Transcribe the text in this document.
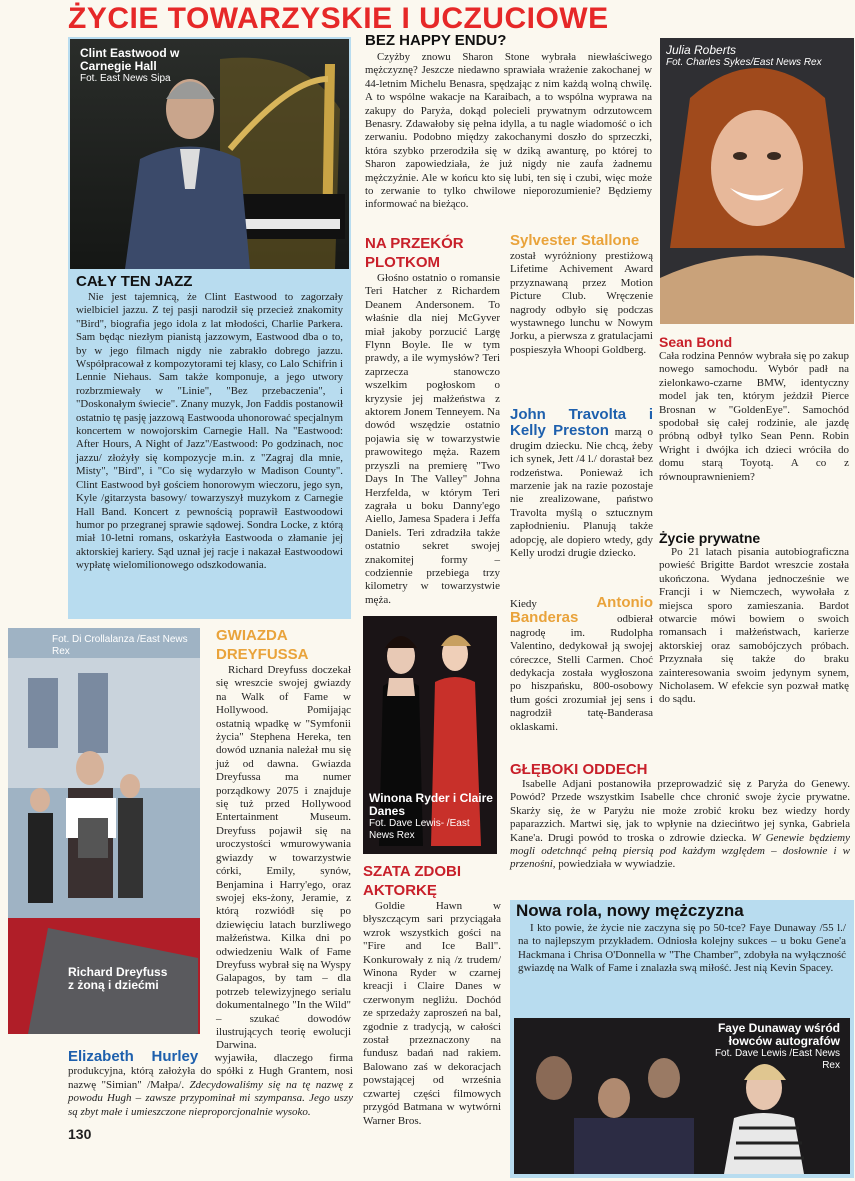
ŻYCIE TOWARZYSKIE I UCZUCIOWE
Clint Eastwood w Carnegie Hall
Fot. East News Sipa
CAŁY TEN JAZZ

Nie jest tajemnicą, że Clint Eastwood to zagorzały wielbiciel jazzu. Z tej pasji narodził się przecież znakomity "Bird", biografia jego idola z lat młodości, Charlie Parkera. Sam będąc niezłym pianistą jazzowym, Eastwood dba o to, by w jego filmach nigdy nie zabrakło dobrego jazzu. Współpracował z kompozytorami tej klasy, co Lalo Schifrin i Lennie Niehaus. Sam także komponuje, a jego utwory rozbrzmiewały w "Linie", "Bez przebaczenia", i "Doskonałym świecie". Znany muzyk, Jon Faddis postanowił ostatnio tę pasję jazzową Eastwooda uhonorować specjalnym koncertem w nowojorskim Carnegie Hall. Na "Eastwood: After Hours, A Night of Jazz"/Eastwood: Po godzinach, noc jazzu/ złożyły się kompozycje m.in. z "Zagraj dla mnie, Misty", "Bird", i "Co się wydarzyło w Madison County". Clint Eastwood był gościem honorowym wieczoru, jego syn, Kyle /gitarzysta basowy/ towarzyszył muzykom z Carnegie Hall Band. Koncert z pewnością poprawił Eastwoodowi humor po przegranej sprawie sądowej. Sondra Locke, z którą miał 10-letni romans, oskarżyła Eastwooda o złamanie jej aktorskiej kariery. Sąd uznał jej racje i nakazał Eastwoodowi wypłatę wielomilionowego odszkodowania.

BEZ HAPPY ENDU?

Czyżby znowu Sharon Stone wybrała niewłaściwego mężczyznę? Jeszcze niedawno sprawiała wrażenie zakochanej w 44-letnim Michelu Benasra, spędzając z nim każdą wolną chwilę. A to wspólne wakacje na Karaibach, a to wspólna wyprawa na zakupy do Paryża, dokąd polecieli prywatnym odrzutowcem Benasry. Zdawałoby się pełna idylla, a tu nagle wiadomość o ich zerwaniu. Podobno między zakochanymi doszło do sprzeczki, która szybko przerodziła się w dziką awanturę, po której to Sharon zapowiedziała, że już nigdy nie zaufa żadnemu mężczyźnie. Ale w końcu kto się lubi, ten się i czubi, więc może to zerwanie to tylko chwilowe nieporozumienie? Będziemy informować na bieżąco.

Julia Roberts
Fot. Charles Sykes/East News Rex
NA PRZEKÓR
PLOTKOM

Głośno ostatnio o romansie Teri Hatcher z Richardem Deanem Andersonem. To właśnie dla niej McGyver miał jakoby porzucić Largę Flynn Boyle. Ile w tym prawdy, a ile wymysłów? Teri zaprzecza stanowczo wszelkim pogłoskom o kryzysie jej małżeństwa z aktorem Jonem Tenneyem. Na dowód wszędzie ostatnio pojawia się w towarzystwie prawowitego męża. Razem przyszli na premierę "Two Days In The Valley" Johna Herzfelda, w którym Teri zagrała u boku Danny'ego Aiello, Jamesa Spadera i Jeffa Daniels. Teri zdradziła także ostatnio sekret swojej znakomitej formy – codziennie przebiega trzy kilometry w towarzystwie męża.

Sylvester Stallone

został wyróżniony prestiżową Lifetime Achivement Award przyznawaną przez Motion Picture Club. Wręczenie nagrody odbyło się podczas wystawnego lunchu w Nowym Jorku, a pierwsza z gratulacjami pospieszyła Whoopi Goldberg.

John Travolta i Kelly Preston marzą o drugim dziecku. Nie chcą, żeby ich synek, Jett /4 l./ dorastał bez rodzeństwa. Ponieważ ich marzenie jak na razie pozostaje nie zrealizowane, państwo Travolta myślą o sztucznym zapłodnieniu. Planują także adopcję, ale dopiero wtedy, gdy Kelly urodzi drugie dziecko.
Sean Bond

Cała rodzina Pennów wybrała się po zakup nowego samochodu. Wybór padł na zielonkawo-czarne BMW, identyczny model jak ten, którym jeździł Pierce Brosnan w "GoldenEye". Samochód spodobał się całej rodzinie, ale jazdę próbną odbył tylko Sean Penn. Robin Wright i dwójka ich dzieci wróciła do domu starą Toyotą. A co z równouprawnieniem?

Życie prywatne

Po 21 latach pisania autobiograficzna powieść Brigitte Bardot wreszcie została ukończona. Wydana jednocześnie we Francji i w Niemczech, wywołała z miejsca sporo zamieszania. Bardot otwarcie mówi bowiem o swoich romansach i małżeństwach, karierze aktorskiej oraz samobójczych próbach. Przyznała się także do braku zainteresowania swoim jedynym synem, Nicholasem. W efekcie syn pozwał matkę do sądu.

Winona Ryder i Claire Danes
Fot. Dave Lewis- /East News Rex
Kiedy	Antonio Banderas	odbierał nagrodę im. Rudolpha Valentino, dedykował ją swojej córeczce, Stelli Carmen. Choć dedykacja została wygłoszona po hiszpańsku, 800-osobowy tłum gości zrozumiał jej sens i nagrodził tatę-Banderasa oklaskami.
GŁĘBOKI ODDECH

Isabelle Adjani postanowiła przeprowadzić się z Paryża do Genewy. Powód? Przede wszystkim Isabelle chce chronić swoje życie prywatne. Skarży się, że w Paryżu nie może zrobić kroku bez wiedzy hordy paparazzich. Martwi się, jak to wpłynie na dziecińtwo jej synka, Gabriela Kane'a. Drugi powód to troska o zdrowie dziecka. W Genewie będziemy mogli odetchnąć pełną piersią pod każdym względem – dosłownie i w przenośni, powiedziała w wywiadzie.

Fot. Di Crollalanza /East News Rex
Richard Dreyfuss z żoną i dziećmi
GWIAZDA
DREYFUSSA

Richard Dreyfuss doczekał się wreszcie swojej gwiazdy na Walk of Fame w Hollywood. Pomijając ostatnią wpadkę w "Symfonii życia" Stephena Hereka, ten dowód uznania należał mu się już od dawna. Gwiazda Dreyfussa ma numer porządkowy 2075 i znajduje się tuż przed Hollywood Entertainment Museum. Dreyfuss pojawił się na uroczystości wmurowywania gwiazdy w towarzystwie córki, Emily, synów, Benjamina i Harry'ego, oraz swojej eks-żony, Jeramie, z którą rozwiódł się po dziewięciu latach burzliwego małżeństwa. Kilka dni po odwiedzeniu Walk of Fame Dreyfuss wybrał się na Wyspy Galapagos, by tam – dla potrzeb telewizyjnego serialu dokumentalnego "In the Wild" – szukać dowodów ilustrujących teorię ewolucji Darwina.

SZATA ZDOBI
AKTORKĘ

Goldie Hawn w błyszczącym sari przyciągała wzrok wszystkich gości na "Fire and Ice Ball". Konkurowały z nią /z trudem/ Winona Ryder w czarnej kreacji i Claire Danes w czerwonym negliżu. Dochód ze sprzedaży zaproszeń na bal, zgodnie z tradycją, w całości został przeznaczony na fundusz badań nad rakiem. Balowano zaś w dekoracjach powstającej od września czwartej części filmowych przygód Batmana w wytwórni Warner Bros.

Nowa rola, nowy mężczyzna

I kto powie, że życie nie zaczyna się po 50-tce? Faye Dunaway /55 l./ na to najlepszym przykładem. Odniosła kolejny sukces – u boku Gene'a Hackmana i Chrisa O'Donnella w "The Chamber", zdobyła na wyłączność gwiazdę na Walk of Fame i znalazła swą miłość. Jest nią Kevin Spacey.

Faye Dunaway wśród łowców autografów
Fot. Dave Lewis /East News Rex
Elizabeth Hurley wyjawiła, dlaczego firma produkcyjna, którą założyła do spółki z Hugh Grantem, nosi nazwę "Simian" /Małpa/. Zdecydowaliśmy się na tę nazwę z powodu Hugh – zawsze przypominał mi szympansa. Jego uszy są zbyt małe i umieszczone nieproporcjonalnie wysoko.
130
